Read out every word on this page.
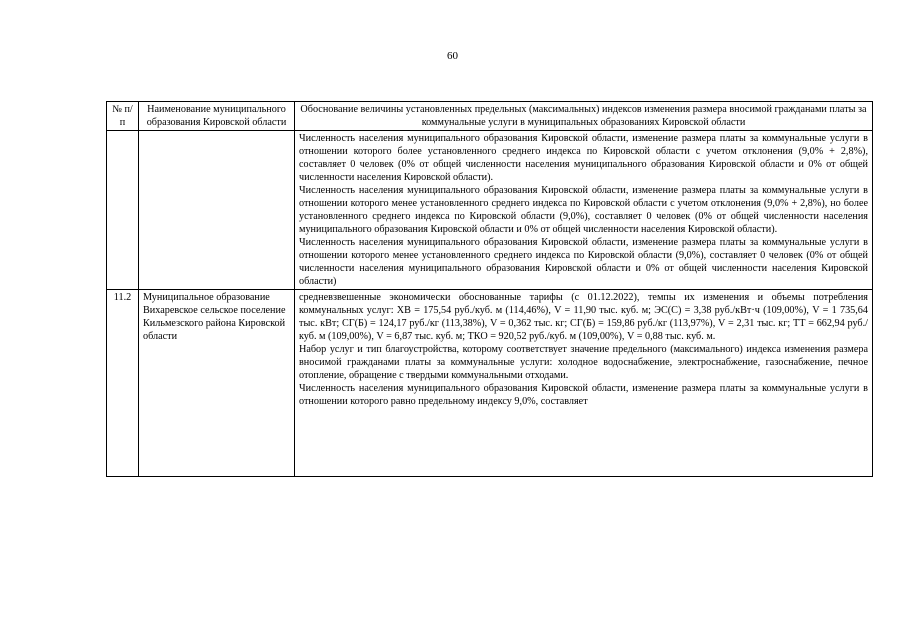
60
№ п/п	Наименование муниципального образования Кировской области	Обоснование величины установленных предельных (максимальных) индексов изменения размера вносимой гражданами платы за коммунальные услуги в муниципальных образованиях Кировской области

		Численность населения муниципального образования Кировской области, изменение размера платы за коммунальные услуги в отношении которого более установленного среднего индекса по Кировской области с учетом отклонения (9,0% + 2,8%), составляет 0 человек (0% от общей численности населения муниципального образования Кировской области и 0% от общей численности населения Кировской области).

Численность населения муниципального образования Кировской области, изменение размера платы за коммунальные услуги в отношении которого менее установленного среднего индекса по Кировской области с учетом отклонения (9,0% + 2,8%), но более установленного среднего индекса по Кировской области (9,0%), составляет 0 человек (0% от общей численности населения муниципального образования Кировской области и 0% от общей численности населения Кировской области).

Численность населения муниципального образования Кировской области, изменение размера платы за коммунальные услуги в отношении которого менее установленного среднего индекса по Кировской области (9,0%), составляет 0 человек (0% от общей численности населения муниципального образования Кировской области и 0% от общей численности населения Кировской области)

11.2	Муниципальное образование Вихаревское сельское поселение Кильмезского района Кировской области	средневзвешенные экономически обоснованные тарифы (с 01.12.2022), темпы их изменения и объемы потребления коммунальных услуг: ХВ = 175,54 руб./куб. м (114,46%), V = 11,90 тыс. куб. м; ЭС(С) = 3,38 руб./кВт·ч (109,00%), V = 1 735,64 тыс. кВт; СГ(Б) = 124,17 руб./кг (113,38%), V = 0,362 тыс. кг; СГ(Б) = 159,86 руб./кг (113,97%), V = 2,31 тыс. кг; ТТ = 662,94 руб./куб. м (109,00%), V = 6,87 тыс. куб. м; ТКО = 920,52 руб./куб. м (109,00%), V = 0,88 тыс. куб. м.

Набор услуг и тип благоустройства, которому соответствует значение предельного (максимального) индекса изменения размера вносимой гражданами платы за коммунальные услуги: холодное водоснабжение, электроснабжение, газоснабжение, печное отопление, обращение с твердыми коммунальными отходами.

Численность населения муниципального образования Кировской области, изменение размера платы за коммунальные услуги в отношении которого равно предельному индексу 9,0%, составляет
